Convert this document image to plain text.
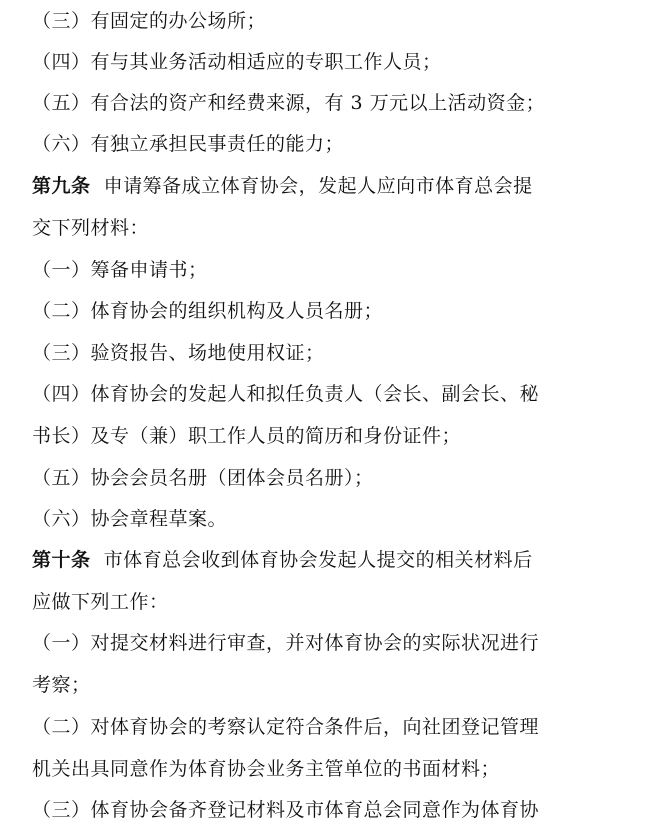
（三）有固定的办公场所；
（四）有与其业务活动相适应的专职工作人员；
（五）有合法的资产和经费来源，有 3 万元以上活动资金；
（六）有独立承担民事责任的能力；
第九条 申请筹备成立体育协会，发起人应向市体育总会提
交下列材料：
（一）筹备申请书；
（二）体育协会的组织机构及人员名册；
（三）验资报告、场地使用权证；
（四）体育协会的发起人和拟任负责人（会长、副会长、秘
书长）及专（兼）职工作人员的简历和身份证件；
（五）协会会员名册（团体会员名册）；
（六）协会章程草案。
第十条 市体育总会收到体育协会发起人提交的相关材料后
应做下列工作：
（一）对提交材料进行审查，并对体育协会的实际状况进行
考察；
（二）对体育协会的考察认定符合条件后，向社团登记管理
机关出具同意作为体育协会业务主管单位的书面材料；
（三）体育协会备齐登记材料及市体育总会同意作为体育协
